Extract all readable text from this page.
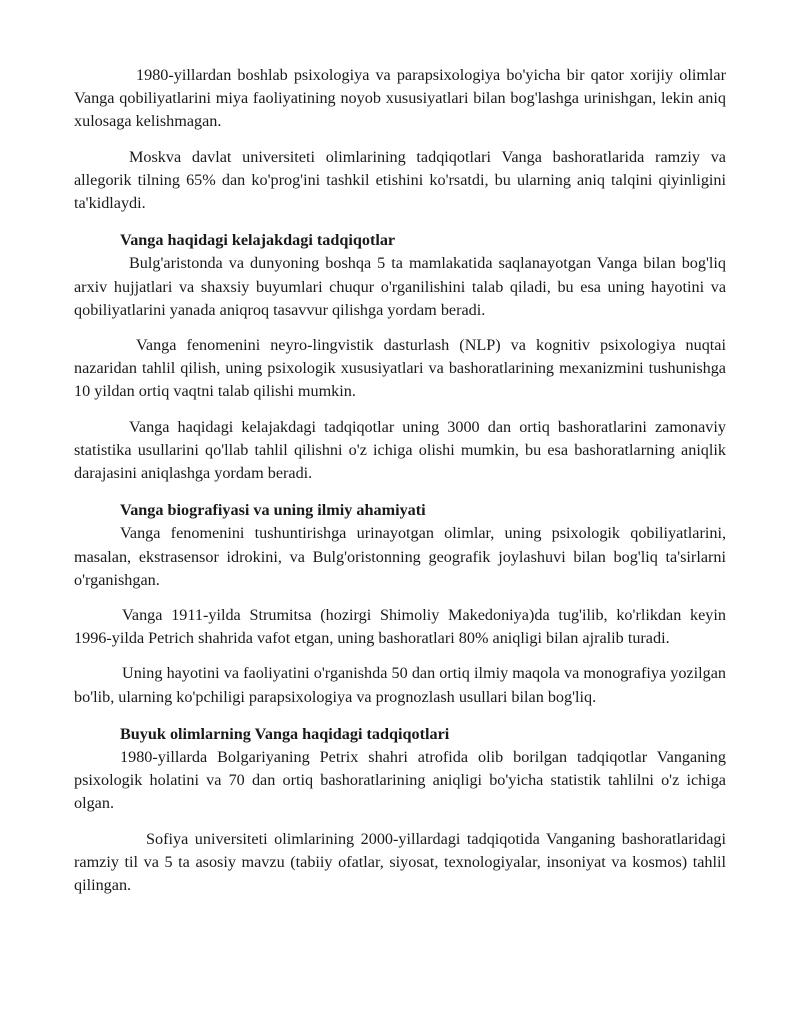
1980-yillardan boshlab psixologiya va parapsixologiya bo'yicha bir qator xorijiy olimlar Vanga qobiliyatlarini miya faoliyatining noyob xususiyatlari bilan bog'lashga urinishgan, lekin aniq xulosaga kelishmagan.

Moskva davlat universiteti olimlarining tadqiqotlari Vanga bashoratlarida ramziy va allegorik tilning 65% dan ko'prog'ini tashkil etishini ko'rsatdi, bu ularning aniq talqini qiyinligini ta'kidlaydi.

Vanga haqidagi kelajakdagi tadqiqotlar

Bulg'aristonda va dunyoning boshqa 5 ta mamlakatida saqlanayotgan Vanga bilan bog'liq arxiv hujjatlari va shaxsiy buyumlari chuqur o'rganilishini talab qiladi, bu esa uning hayotini va qobiliyatlarini yanada aniqroq tasavvur qilishga yordam beradi.

Vanga fenomenini neyro-lingvistik dasturlash (NLP) va kognitiv psixologiya nuqtai nazaridan tahlil qilish, uning psixologik xususiyatlari va bashoratlarining mexanizmini tushunishga 10 yildan ortiq vaqtni talab qilishi mumkin.

Vanga haqidagi kelajakdagi tadqiqotlar uning 3000 dan ortiq bashoratlarini zamonaviy statistika usullarini qo'llab tahlil qilishni o'z ichiga olishi mumkin, bu esa bashoratlarning aniqlik darajasini aniqlashga yordam beradi.

Vanga biografiyasi va uning ilmiy ahamiyati

Vanga fenomenini tushuntirishga urinayotgan olimlar, uning psixologik qobiliyatlarini, masalan, ekstrasensor idrokini, va Bulg'oristonning geografik joylashuvi bilan bog'liq ta'sirlarni o'rganishgan.

Vanga 1911-yilda Strumitsa (hozirgi Shimoliy Makedoniya)da tug'ilib, ko'rlikdan keyin 1996-yilda Petrich shahrida vafot etgan, uning bashoratlari 80% aniqligi bilan ajralib turadi.

Uning hayotini va faoliyatini o'rganishda 50 dan ortiq ilmiy maqola va monografiya yozilgan bo'lib, ularning ko'pchiligi parapsixologiya va prognozlash usullari bilan bog'liq.

Buyuk olimlarning Vanga haqidagi tadqiqotlari

1980-yillarda Bolgariyaning Petrix shahri atrofida olib borilgan tadqiqotlar Vanganing psixologik holatini va 70 dan ortiq bashoratlarining aniqligi bo'yicha statistik tahlilni o'z ichiga olgan.

Sofiya universiteti olimlarining 2000-yillardagi tadqiqotida Vanganing bashoratlaridagi ramziy til va 5 ta asosiy mavzu (tabiiy ofatlar, siyosat, texnologiyalar, insoniyat va kosmos) tahlil qilingan.
